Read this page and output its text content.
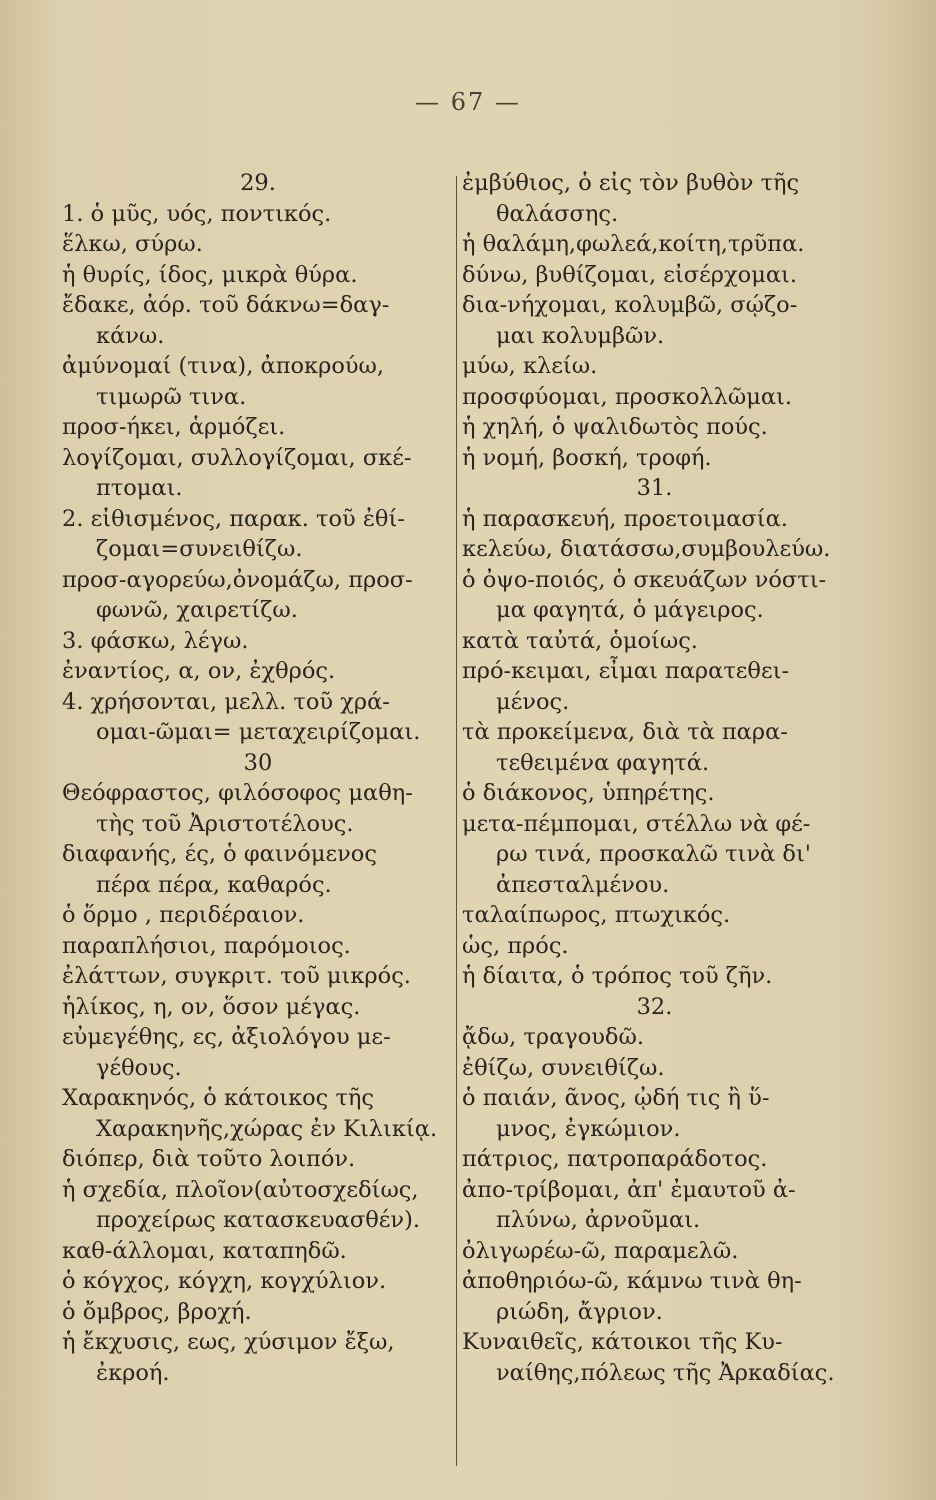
— 67 —
29.
1. ὁ μῦς, υός, ποντικός.
ἕλκω, σύρω.
ἡ θυρίς, ίδος, μικρὰ θύρα.
ἔδακε, ἀόρ. τοῦ δάκνω=δαγ-
κάνω.
ἀμύνομαί (τινα), ἀποκρούω,
τιμωρῶ τινα.
προσ-ήκει, ἁρμόζει.
λογίζομαι, συλλογίζομαι, σκέ-
πτομαι.
2. εἰθισμένος, παρακ. τοῦ ἐθί-
ζομαι=συνειθίζω.
προσ-αγορεύω,ὀνομάζω, προσ-
φωνῶ, χαιρετίζω.
3. φάσκω, λέγω.
ἐναντίος, α, ον, ἐχθρός.
4. χρήσονται, μελλ. τοῦ χρά-
ομαι-ῶμαι= μεταχειρίζομαι.
30
Θεόφραστος, φιλόσοφος μαθη-
τὴς τοῦ Ἀριστοτέλους.
διαφανής, ές, ὁ φαινόμενος
πέρα πέρα, καθαρός.
ὁ ὅρμο , περιδέραιον.
παραπλήσιοι, παρόμοιος.
ἐλάττων, συγκριτ. τοῦ μικρός.
ἡλίκος, η, ον, ὅσον μέγας.
εὐμεγέθης, ες, ἀξιολόγου με-
γέθους.
Χαρακηνός, ὁ κάτοικος τῆς
Χαρακηνῆς,χώρας ἐν Κιλικίᾳ.
διόπερ, διὰ τοῦτο λοιπόν.
ἡ σχεδία, πλοῖον(αὐτοσχεδίως,
προχείρως κατασκευασθέν).
καθ-άλλομαι, καταπηδῶ.
ὁ κόγχος, κόγχη, κογχύλιον.
ὁ ὄμβρος, βροχή.
ἡ ἔκχυσις, εως, χύσιμον ἔξω,
ἐκροή.
ἐμβύθιος, ὁ εἰς τὸν βυθὸν τῆς
θαλάσσης.
ἡ θαλάμη,φωλεά,κοίτη,τρῦπα.
δύνω, βυθίζομαι, εἰσέρχομαι.
δια-νήχομαι, κολυμβῶ, σῴζο-
μαι κολυμβῶν.
μύω, κλείω.
προσφύομαι, προσκολλῶμαι.
ἡ χηλή, ὁ ψαλιδωτὸς πούς.
ἡ νομή, βοσκή, τροφή.
31.
ἡ παρασκευή, προετοιμασία.
κελεύω, διατάσσω,συμβουλεύω.
ὁ ὀψο-ποιός, ὁ σκευάζων νόστι-
μα φαγητά, ὁ μάγειρος.
κατὰ ταὐτά, ὁμοίως.
πρό-κειμαι, εἶμαι παρατεθει-
μένος.
τὰ προκείμενα, διὰ τὰ παρα-
τεθειμένα φαγητά.
ὁ διάκονος, ὑπηρέτης.
μετα-πέμπομαι, στέλλω νὰ φέ-
ρω τινά, προσκαλῶ τινὰ δι'
ἀπεσταλμένου.
ταλαίπωρος, πτωχικός.
ὡς, πρός.
ἡ δίαιτα, ὁ τρόπος τοῦ ζῆν.
32.
ᾄδω, τραγουδῶ.
ἐθίζω, συνειθίζω.
ὁ παιάν, ᾶνος, ᾠδή τις ἢ ὕ-
μνος, ἐγκώμιον.
πάτριος, πατροπαράδοτος.
ἀπο-τρίβομαι, ἀπ' ἐμαυτοῦ ἀ-
πλύνω, ἀρνοῦμαι.
ὀλιγωρέω-ῶ, παραμελῶ.
ἀποθηριόω-ῶ, κάμνω τινὰ θη-
ριώδη, ἄγριον.
Κυναιθεῖς, κάτοικοι τῆς Κυ-
ναίθης,πόλεως τῆς Ἀρκαδίας.
